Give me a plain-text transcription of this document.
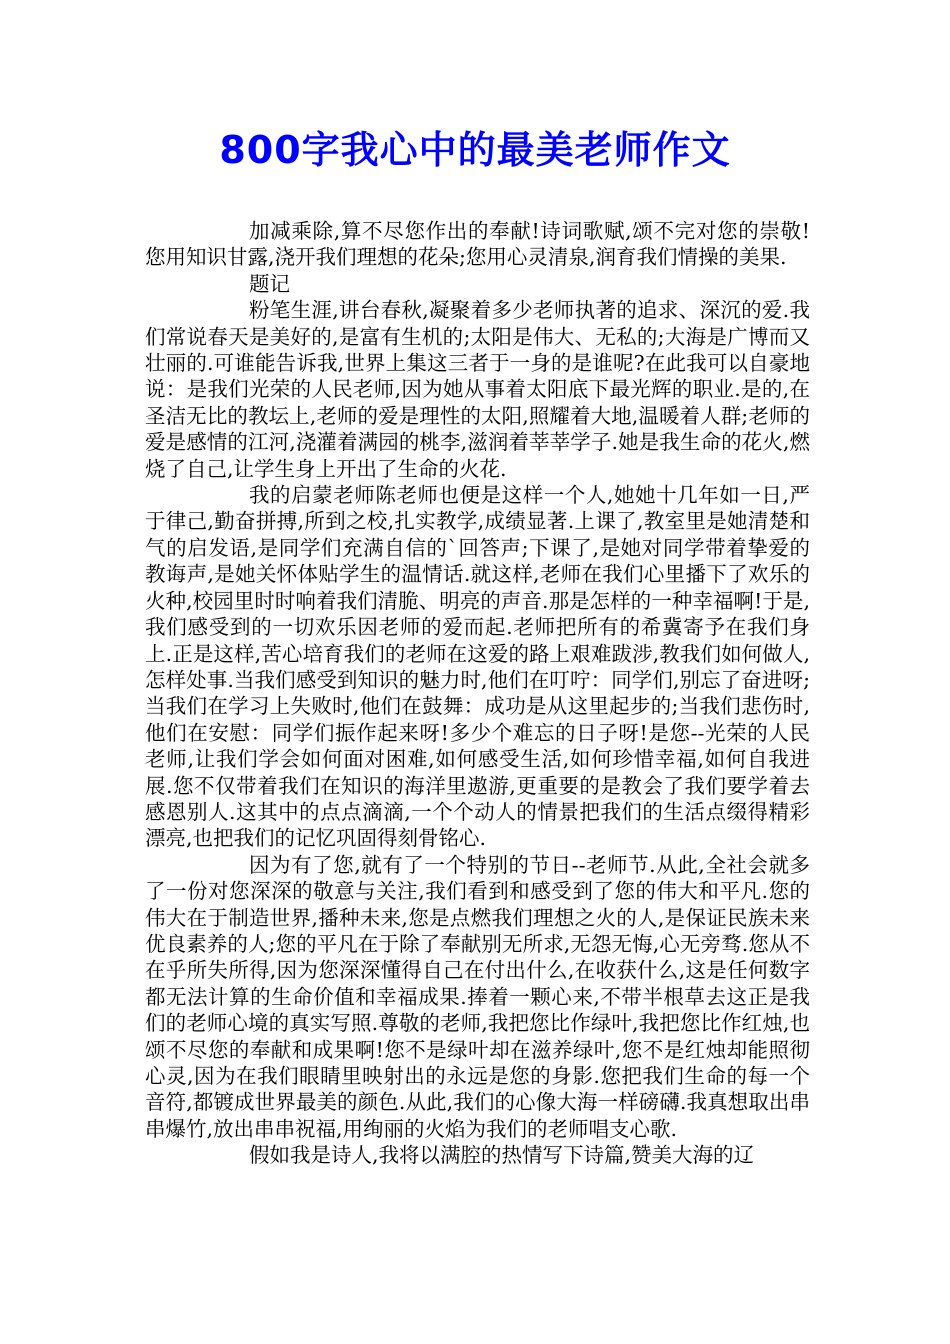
800字我心中的最美老师作文

加减乘除,算不尽您作出的奉献!诗词歌赋,颂不完对您的崇敬!您用知识甘露,浇开我们理想的花朵;您用心灵清泉,润育我们情操的美果.

题记

粉笔生涯,讲台春秋,凝聚着多少老师执著的追求、深沉的爱.我们常说春天是美好的,是富有生机的;太阳是伟大、无私的;大海是广博而又壮丽的.可谁能告诉我,世界上集这三者于一身的是谁呢?在此我可以自豪地说：是我们光荣的人民老师,因为她从事着太阳底下最光辉的职业.是的,在圣洁无比的教坛上,老师的爱是理性的太阳,照耀着大地,温暖着人群;老师的爱是感情的江河,浇灌着满园的桃李,滋润着莘莘学子.她是我生命的花火,燃烧了自己,让学生身上开出了生命的火花.

我的启蒙老师陈老师也便是这样一个人,她她十几年如一日,严于律己,勤奋拼搏,所到之校,扎实教学,成绩显著.上课了,教室里是她清楚和气的启发语,是同学们充满自信的`回答声;下课了,是她对同学带着挚爱的教诲声,是她关怀体贴学生的温情话.就这样,老师在我们心里播下了欢乐的火种,校园里时时响着我们清脆、明亮的声音.那是怎样的一种幸福啊!于是,我们感受到的一切欢乐因老师的爱而起.老师把所有的希冀寄予在我们身上.正是这样,苦心培育我们的老师在这爱的路上艰难跋涉,教我们如何做人,怎样处事.当我们感受到知识的魅力时,他们在叮咛：同学们,别忘了奋进呀;当我们在学习上失败时,他们在鼓舞：成功是从这里起步的;当我们悲伤时,他们在安慰：同学们振作起来呀!多少个难忘的日子呀!是您--光荣的人民老师,让我们学会如何面对困难,如何感受生活,如何珍惜幸福,如何自我进展.您不仅带着我们在知识的海洋里遨游,更重要的是教会了我们要学着去感恩别人.这其中的点点滴滴,一个个动人的情景把我们的生活点缀得精彩漂亮,也把我们的记忆巩固得刻骨铭心.

因为有了您,就有了一个特别的节日--老师节.从此,全社会就多了一份对您深深的敬意与关注,我们看到和感受到了您的伟大和平凡.您的伟大在于制造世界,播种未来,您是点燃我们理想之火的人,是保证民族未来优良素养的人;您的平凡在于除了奉献别无所求,无怨无悔,心无旁骛.您从不在乎所失所得,因为您深深懂得自己在付出什么,在收获什么,这是任何数字都无法计算的生命价值和幸福成果.捧着一颗心来,不带半根草去这正是我们的老师心境的真实写照.尊敬的老师,我把您比作绿叶,我把您比作红烛,也颂不尽您的奉献和成果啊!您不是绿叶却在滋养绿叶,您不是红烛却能照彻心灵,因为在我们眼睛里映射出的永远是您的身影.您把我们生命的每一个音符,都镀成世界最美的颜色.从此,我们的心像大海一样磅礴.我真想取出串串爆竹,放出串串祝福,用绚丽的火焰为我们的老师唱支心歌.

假如我是诗人,我将以满腔的热情写下诗篇,赞美大海的辽
